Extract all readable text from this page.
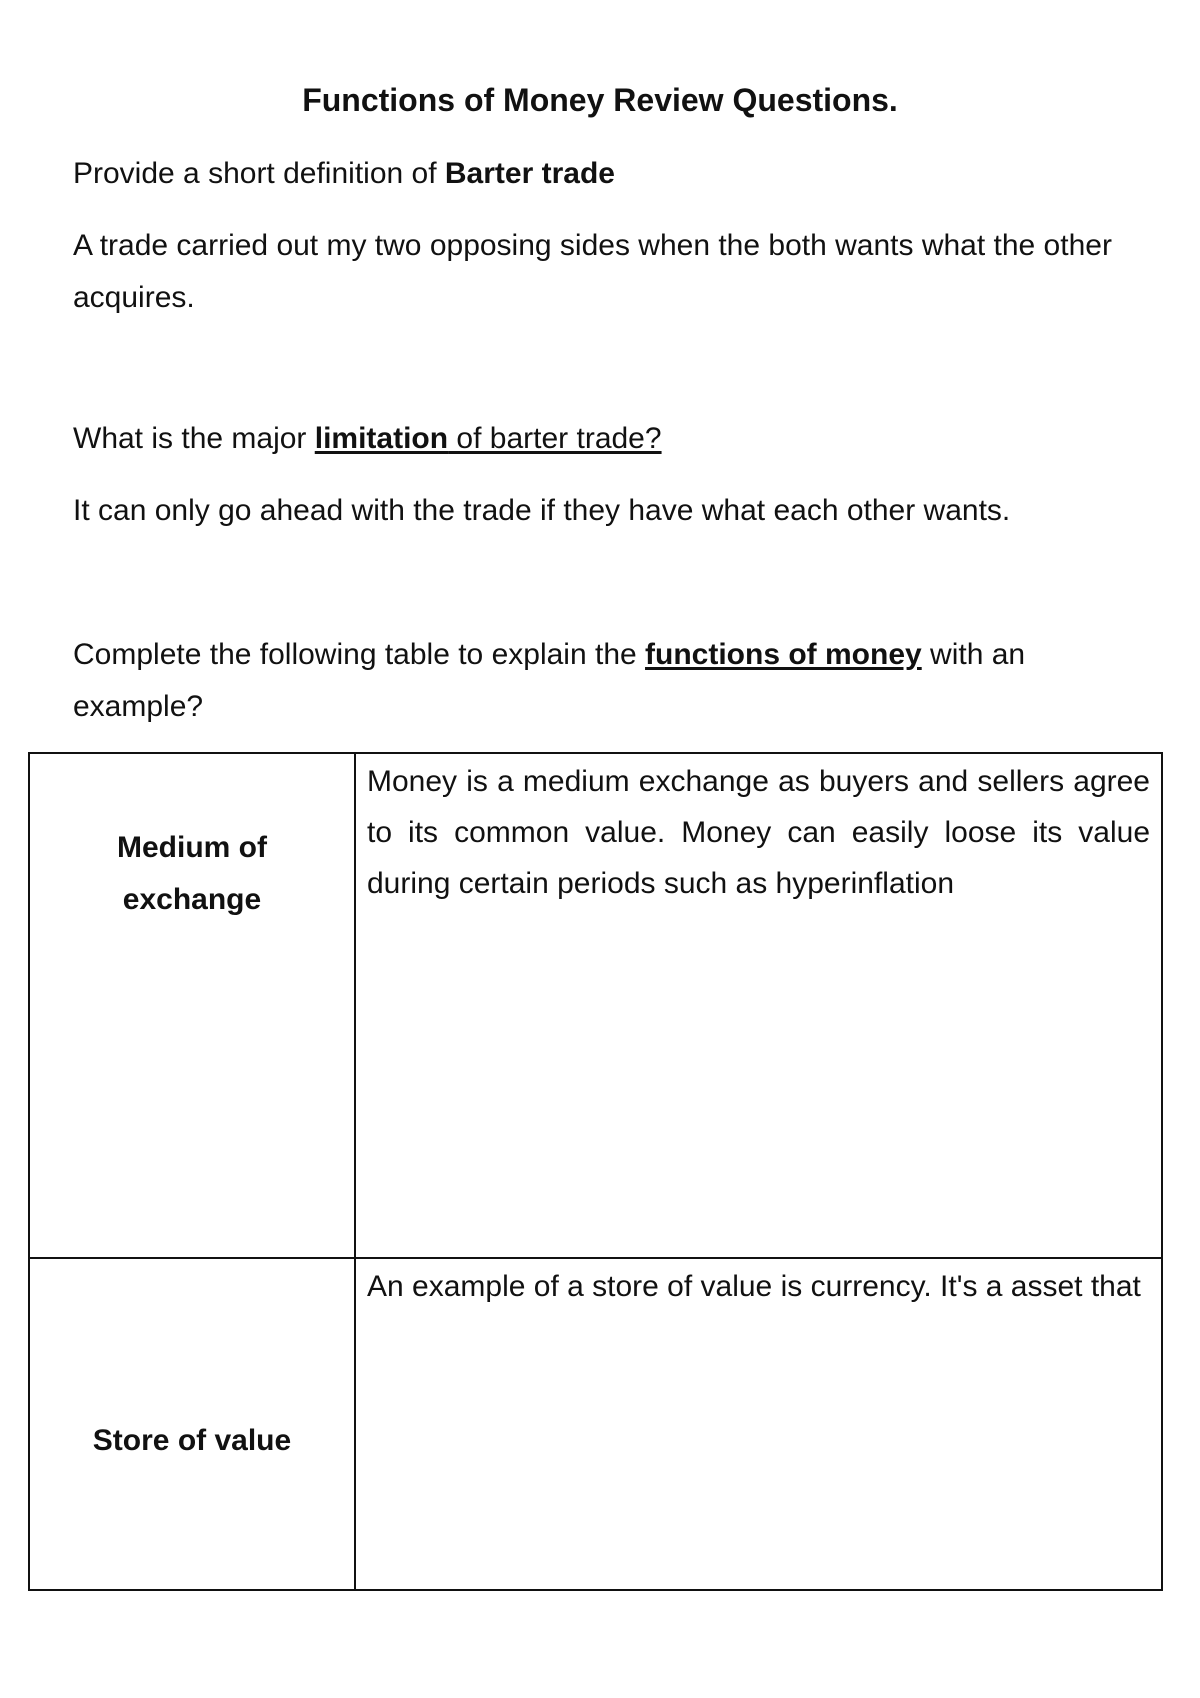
Functions of Money Review Questions.

Provide a short definition of Barter trade

A trade carried out my two opposing sides when the both wants what the other acquires.

What is the major limitation of barter trade?

It can only go ahead with the trade if they have what each other wants.

Complete the following table to explain the functions of money with an example?

Medium of
exchange	Money is a medium exchange as buyers and sellers agree to its common value. Money can easily loose its value during certain periods such as hyperinflation

Store of value	An example of a store of value is currency. It's a asset that
